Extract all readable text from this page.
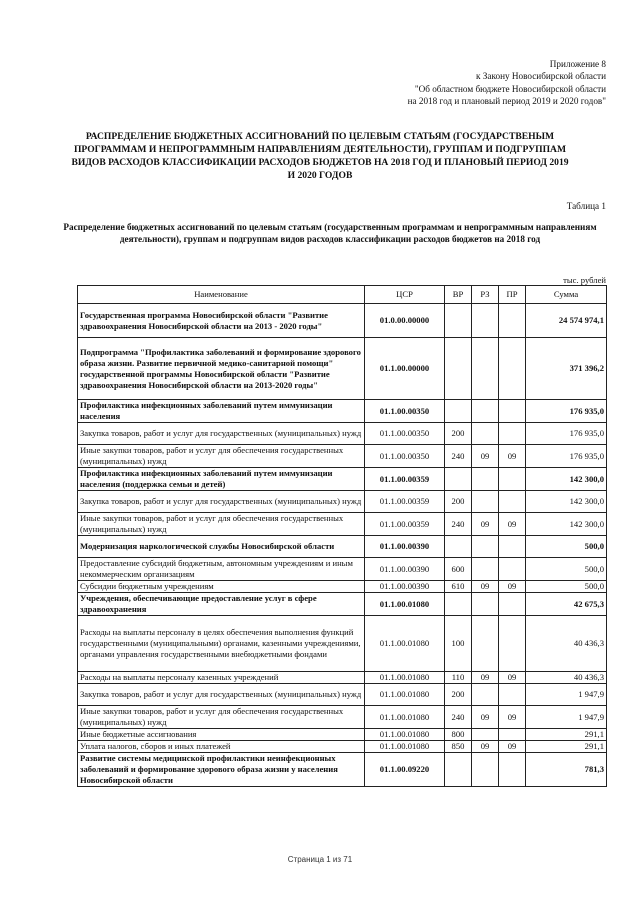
Приложение 8
к Закону Новосибирской области
"Об областном бюджете Новосибирской области
на 2018 год и плановый период 2019 и 2020 годов"
РАСПРЕДЕЛЕНИЕ БЮДЖЕТНЫХ АССИГНОВАНИЙ ПО ЦЕЛЕВЫМ СТАТЬЯМ (ГОСУДАРСТВЕНЫМ ПРОГРАММАМ И НЕПРОГРАММНЫМ НАПРАВЛЕНИЯМ ДЕЯТЕЛЬНОСТИ), ГРУППАМ И ПОДГРУППАМ ВИДОВ РАСХОДОВ КЛАССИФИКАЦИИ РАСХОДОВ БЮДЖЕТОВ НА 2018 ГОД И ПЛАНОВЫЙ ПЕРИОД 2019 И 2020 ГОДОВ
Таблица 1
Распределение бюджетных ассигнований по целевым статьям (государственным программам и непрограммным направлениям деятельности), группам и подгруппам видов расходов классификации расходов бюджетов на 2018 год
тыс. рублей
Наименование	ЦСР	ВР	РЗ	ПР	Сумма
Государственная программа Новосибирской области "Развитие здравоохранения Новосибирской области на 2013 - 2020 годы"	01.0.00.00000				24 574 974,1
Подпрограмма "Профилактика заболеваний и формирование здорового образа жизни. Развитие первичной медико-санитарной помощи" государственной программы Новосибирской области "Развитие здравоохранения Новосибирской области на 2013-2020 годы"	01.1.00.00000				371 396,2
Профилактика инфекционных заболеваний путем иммунизации населения	01.1.00.00350				176 935,0
Закупка товаров, работ и услуг для государственных (муниципальных) нужд	01.1.00.00350	200			176 935,0
Иные закупки товаров, работ и услуг для обеспечения государственных (муниципальных) нужд	01.1.00.00350	240	09	09	176 935,0
Профилактика инфекционных заболеваний путем иммунизации населения (поддержка семьи и детей)	01.1.00.00359				142 300,0
Закупка товаров, работ и услуг для государственных (муниципальных) нужд	01.1.00.00359	200			142 300,0
Иные закупки товаров, работ и услуг для обеспечения государственных (муниципальных) нужд	01.1.00.00359	240	09	09	142 300,0
Модернизация наркологической службы Новосибирской области	01.1.00.00390				500,0
Предоставление субсидий бюджетным, автономным учреждениям и иным некоммерческим организациям	01.1.00.00390	600			500,0
Субсидии бюджетным учреждениям	01.1.00.00390	610	09	09	500,0
Учреждения, обеспечивающие предоставление услуг в сфере здравоохранения	01.1.00.01080				42 675,3
Расходы на выплаты персоналу в целях обеспечения выполнения функций государственными (муниципальными) органами, казенными учреждениями, органами управления государственными внебюджетными фондами	01.1.00.01080	100			40 436,3
Расходы на выплаты персоналу казенных учреждений	01.1.00.01080	110	09	09	40 436,3
Закупка товаров, работ и услуг для государственных (муниципальных) нужд	01.1.00.01080	200			1 947,9
Иные закупки товаров, работ и услуг для обеспечения государственных (муниципальных) нужд	01.1.00.01080	240	09	09	1 947,9
Иные бюджетные ассигнования	01.1.00.01080	800			291,1
Уплата налогов, сборов и иных платежей	01.1.00.01080	850	09	09	291,1
Развитие системы медицинской профилактики неинфекционных заболеваний и формирование здорового образа жизни у населения Новосибирской области	01.1.00.09220				781,3
Страница 1 из 71
